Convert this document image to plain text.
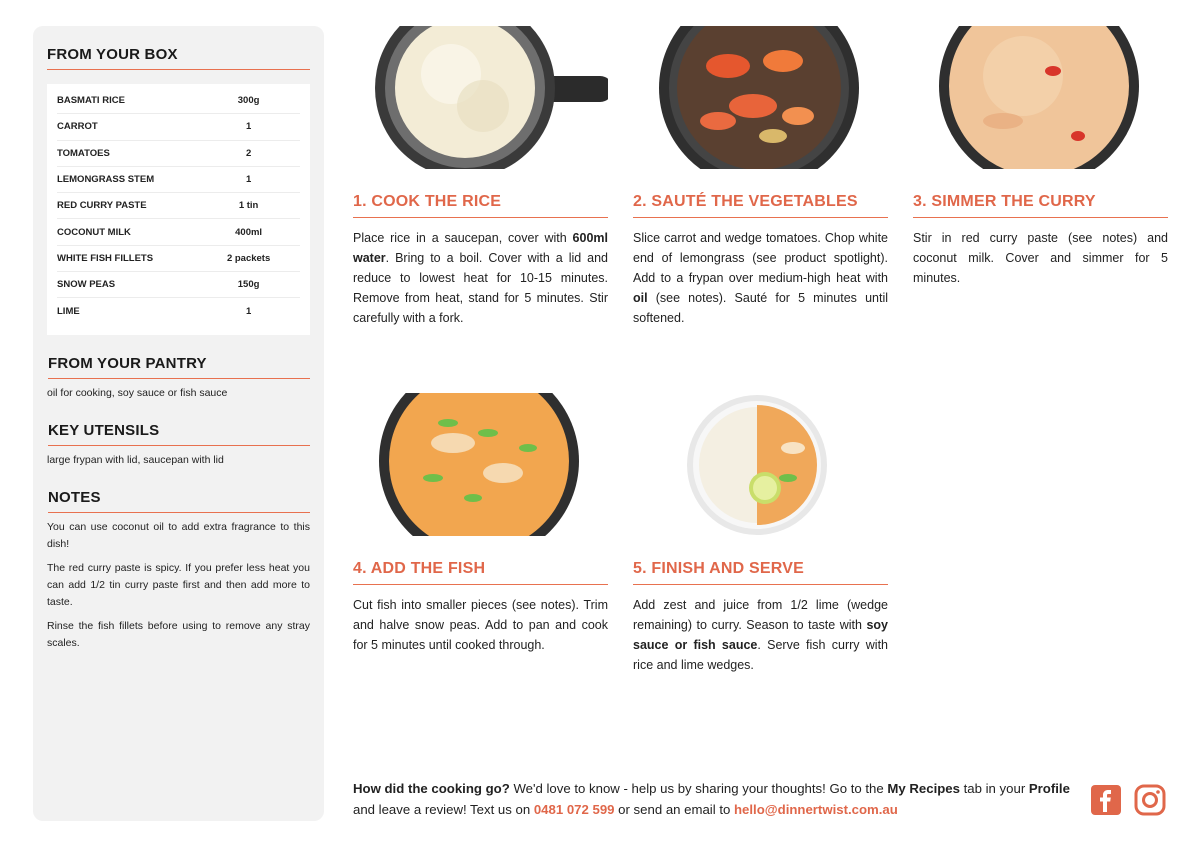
FROM YOUR BOX
BASMATI RICE	300g
CARROT	1
TOMATOES	2
LEMONGRASS STEM	1
RED CURRY PASTE	1 tin
COCONUT MILK	400ml
WHITE FISH FILLETS	2 packets
SNOW PEAS	150g
LIME	1
FROM YOUR PANTRY
oil for cooking, soy sauce or fish sauce
KEY UTENSILS
large frypan with lid, saucepan with lid
NOTES

You can use coconut oil to add extra fragrance to this dish!

The red curry paste is spicy. If you prefer less heat you can add 1/2 tin curry paste first and then add more to taste.

Rinse the fish fillets before using to remove any stray scales.

1. COOK THE RICE
Place rice in a saucepan, cover with 600ml water. Bring to a boil. Cover with a lid and reduce to lowest heat for 10-15 minutes. Remove from heat, stand for 5 minutes. Stir carefully with a fork.
2. SAUTÉ THE VEGETABLES
Slice carrot and wedge tomatoes. Chop white end of lemongrass (see product spotlight). Add to a frypan over medium-high heat with oil (see notes). Sauté for 5 minutes until softened.
3. SIMMER THE CURRY
Stir in red curry paste (see notes) and coconut milk. Cover and simmer for 5 minutes.
4. ADD THE FISH
Cut fish into smaller pieces (see notes). Trim and halve snow peas. Add to pan and cook for 5 minutes until cooked through.
5. FINISH AND SERVE
Add zest and juice from 1/2 lime (wedge remaining) to curry. Season to taste with soy sauce or fish sauce. Serve fish curry with rice and lime wedges.
How did the cooking go? We'd love to know - help us by sharing your thoughts! Go to the My Recipes tab in your Profile and leave a review! Text us on 0481 072 599 or send an email to hello@dinnertwist.com.au
